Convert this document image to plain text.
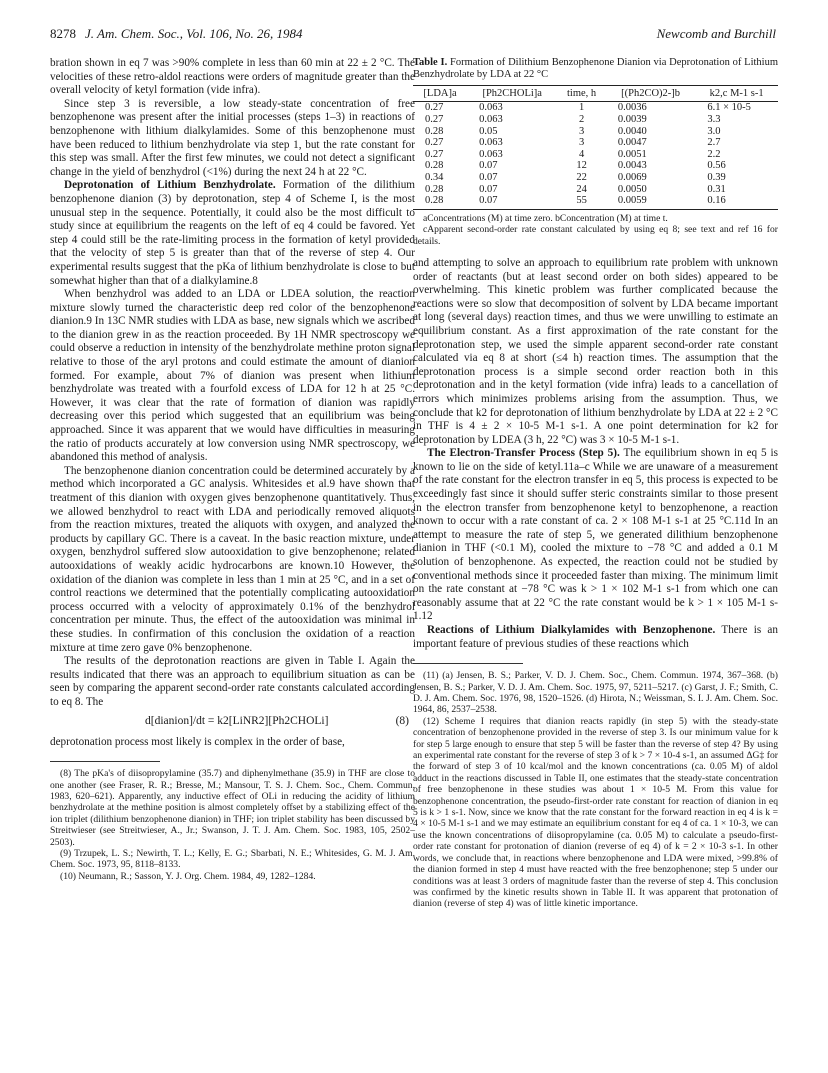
8278 J. Am. Chem. Soc., Vol. 106, No. 26, 1984	Newcomb and Burchill

bration shown in eq 7 was >90% complete in less than 60 min at 22 ± 2 °C. The velocities of these retro-aldol reactions were orders of magnitude greater than the overall velocity of ketyl formation (vide infra).

Since step 3 is reversible, a low steady-state concentration of free benzophenone was present after the initial processes (steps 1–3) in reactions of benzophenone with lithium dialkylamides. Some of this benzophenone must have been reduced to lithium benzhydrolate via step 1, but the rate constant for this step was small. After the first few minutes, we could not detect a significant change in the yield of benzhydrol (<1%) during the next 24 h at 22 °C.

Deprotonation of Lithium Benzhydrolate. Formation of the dilithium benzophenone dianion (3) by deprotonation, step 4 of Scheme I, is the most unusual step in the sequence. Potentially, it could also be the most difficult to study since at equilibrium the reagents on the left of eq 4 could be favored. Yet step 4 could still be the rate-limiting process in the formation of ketyl provided that the velocity of step 5 is greater than that of the reverse of step 4. Our experimental results suggest that the pKa of lithium benzhydrolate is close to but somewhat higher than that of a dialkylamine.8

When benzhydrol was added to an LDA or LDEA solution, the reaction mixture slowly turned the characteristic deep red color of the benzophenone dianion.9 In 13C NMR studies with LDA as base, new signals which we ascribed to the dianion grew in as the reaction proceeded. By 1H NMR spectroscopy we could observe a reduction in intensity of the benzhydrolate methine proton signal relative to those of the aryl protons and could estimate the amount of dianion formed. For example, about 7% of dianion was present when lithium benzhydrolate was treated with a fourfold excess of LDA for 12 h at 25 °C. However, it was clear that the rate of formation of dianion was rapidly decreasing over this period which suggested that an equilibrium was being approached. Since it was apparent that we would have difficulties in measuring the ratio of products accurately at low conversion using NMR spectroscopy, we abandoned this method of analysis.

The benzophenone dianion concentration could be determined accurately by a method which incorporated a GC analysis. Whitesides et al.9 have shown that treatment of this dianion with oxygen gives benzophenone quantitatively. Thus, we allowed benzhydrol to react with LDA and periodically removed aliquots from the reaction mixtures, treated the aliquots with oxygen, and analyzed the products by capillary GC. There is a caveat. In the basic reaction mixture, under oxygen, benzhydrol suffered slow autooxidation to give benzophenone; related autooxidations of weakly acidic hydrocarbons are known.10 However, the oxidation of the dianion was complete in less than 1 min at 25 °C, and in a set of control reactions we determined that the potentially complicating autooxidation process occurred with a velocity of approximately 0.1% of the benzhydrol concentration per minute. Thus, the effect of the autooxidation was minimal in these studies. In confirmation of this conclusion the oxidation of a reaction mixture at time zero gave 0% benzophenone.

The results of the deprotonation reactions are given in Table I. Again the results indicated that there was an approach to equilibrium situation as can be seen by comparing the apparent second-order rate constants calculated according to eq 8. The

d[dianion]/dt = k2[LiNR2][Ph2CHOLi]	(8)

deprotonation process most likely is complex in the order of base,

(8) The pKa's of diisopropylamine (35.7) and diphenylmethane (35.9) in THF are close to one another (see Fraser, R. R.; Bresse, M.; Mansour, T. S. J. Chem. Soc., Chem. Commun. 1983, 620–621). Apparently, any inductive effect of OLi in reducing the acidity of lithium benzhydrolate at the methine position is almost completely offset by a stabilizing effect of the ion triplet (dilithium benzophenone dianion) in THF; ion triplet stability has been discussed by Streitwieser (see Streitwieser, A., Jr.; Swanson, J. T. J. Am. Chem. Soc. 1983, 105, 2502–2503).

(9) Trzupek, L. S.; Newirth, T. L.; Kelly, E. G.; Sbarbati, N. E.; Whitesides, G. M. J. Am. Chem. Soc. 1973, 95, 8118–8133.

(10) Neumann, R.; Sasson, Y. J. Org. Chem. 1984, 49, 1282–1284.

Table I. Formation of Dilithium Benzophenone Dianion via Deprotonation of Lithium Benzhydrolate by LDA at 22 °C
[LDA]a	[Ph2CHOLi]a	time, h	[(Ph2CO)2-]b	k2,c M-1 s-1
0.27	0.063	1	0.0036	6.1 × 10-5
0.27	0.063	2	0.0039	3.3
0.28	0.05	3	0.0040	3.0
0.27	0.063	3	0.0047	2.7
0.27	0.063	4	0.0051	2.2
0.28	0.07	12	0.0043	0.56
0.34	0.07	22	0.0069	0.39
0.28	0.07	24	0.0050	0.31
0.28	0.07	55	0.0059	0.16

aConcentrations (M) at time zero. bConcentration (M) at time t.

cApparent second-order rate constant calculated by using eq 8; see text and ref 16 for details.

and attempting to solve an approach to equilibrium rate problem with unknown order of reactants (but at least second order on both sides) appeared to be overwhelming. This kinetic problem was further complicated because the reactions were so slow that decomposition of solvent by LDA became important at long (several days) reaction times, and thus we were unwilling to estimate an equilibrium constant. As a first approximation of the rate constant for the deprotonation step, we used the simple apparent second-order rate constant calculated via eq 8 at short (≤4 h) reaction times. The assumption that the deprotonation process is a simple second order reaction both in this deprotonation and in the ketyl formation (vide infra) leads to a cancellation of errors which minimizes problems arising from the assumption. Thus, we conclude that k2 for deprotonation of lithium benzhydrolate by LDA at 22 ± 2 °C in THF is 4 ± 2 × 10-5 M-1 s-1. A one point determination for k2 for deprotonation by LDEA (3 h, 22 °C) was 3 × 10-5 M-1 s-1.

The Electron-Transfer Process (Step 5). The equilibrium shown in eq 5 is known to lie on the side of ketyl.11a–c While we are unaware of a measurement of the rate constant for the electron transfer in eq 5, this process is expected to be exceedingly fast since it should suffer steric constraints similar to those present in the electron transfer from benzophenone ketyl to benzophenone, a reaction known to occur with a rate constant of ca. 2 × 108 M-1 s-1 at 25 °C.11d In an attempt to measure the rate of step 5, we generated dilithium benzophenone dianion in THF (<0.1 M), cooled the mixture to −78 °C and added a 0.1 M solution of benzophenone. As expected, the reaction could not be studied by conventional methods since it proceeded faster than mixing. The minimum limit on the rate constant at −78 °C was k > 1 × 102 M-1 s-1 from which one can reasonably assume that at 22 °C the rate constant would be k > 1 × 105 M-1 s-1.12

Reactions of Lithium Dialkylamides with Benzophenone. There is an important feature of previous studies of these reactions which

(11) (a) Jensen, B. S.; Parker, V. D. J. Chem. Soc., Chem. Commun. 1974, 367–368. (b) Jensen, B. S.; Parker, V. D. J. Am. Chem. Soc. 1975, 97, 5211–5217. (c) Garst, J. F.; Smith, C. D. J. Am. Chem. Soc. 1976, 98, 1520–1526. (d) Hirota, N.; Weissman, S. I. J. Am. Chem. Soc. 1964, 86, 2537–2538.

(12) Scheme I requires that dianion reacts rapidly (in step 5) with the steady-state concentration of benzophenone provided in the reverse of step 3. Is our minimum value for k for step 5 large enough to ensure that step 5 will be faster than the reverse of step 4? By using an experimental rate constant for the reverse of step 3 of k > 7 × 10-4 s-1, an assumed ΔG‡ for the forward of step 3 of 10 kcal/mol and the known concentrations (ca. 0.05 M) of aldol adduct in the reactions discussed in Table II, one estimates that the steady-state concentration of free benzophenone in these studies was about 1 × 10-5 M. From this value for benzophenone concentration, the pseudo-first-order rate constant for reaction of dianion in eq 5 is k > 1 s-1. Now, since we know that the rate constant for the forward reaction in eq 4 is k = 4 × 10-5 M-1 s-1 and we may estimate an equilibrium constant for eq 4 of ca. 1 × 10-3, we can use the known concentrations of diisopropylamine (ca. 0.05 M) to calculate a pseudo-first-order rate constant for protonation of dianion (reverse of eq 4) of k = 2 × 10-3 s-1. In other words, we conclude that, in reactions where benzophenone and LDA were mixed, >99.8% of the dianion formed in step 4 must have reacted with the free benzophenone; step 5 under our conditions was at least 3 orders of magnitude faster than the reverse of step 4. This conclusion was confirmed by the kinetic results shown in Table II. It was apparent that protonation of dianion (reverse of step 4) was of little kinetic importance.
